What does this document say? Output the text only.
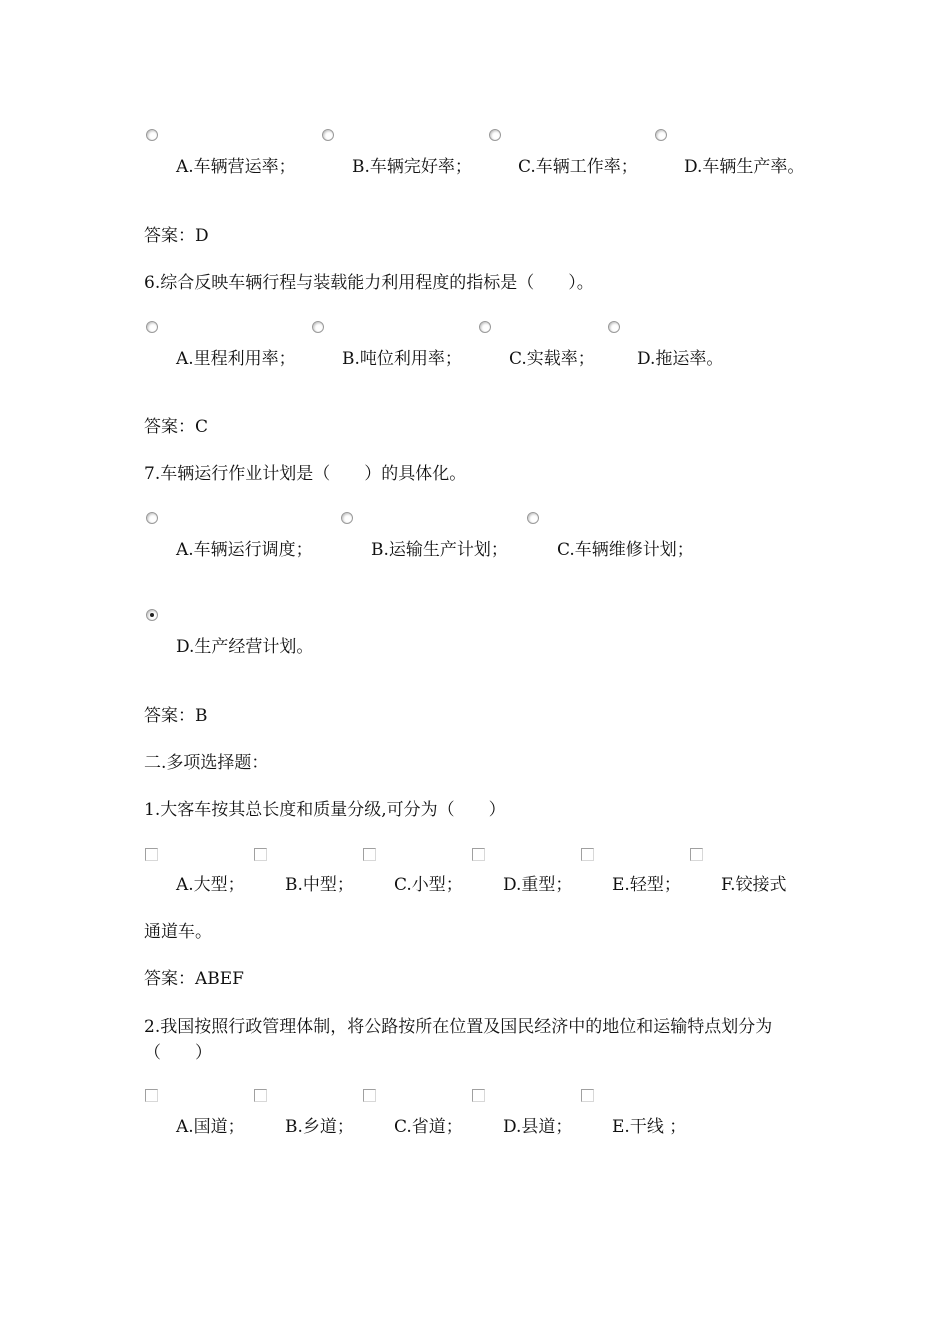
A.车辆营运率；	B.车辆完好率；	C.车辆工作率；	D.车辆生产率。
答案：D
6.综合反映车辆行程与装载能力利用程度的指标是（　　）。
A.里程利用率；	B.吨位利用率；	C.实载率； D.拖运率。
答案：C
7.车辆运行作业计划是（　　）的具体化。
A.车辆运行调度；	B.运输生产计划；	C.车辆维修计划；
D.生产经营计划。
答案：B
二.多项选择题：
1.大客车按其总长度和质量分级,可分为（　　）
A.大型； B.中型； C.小型； D.重型； E.轻型； F.铰接式
通道车。
答案：ABEF
2.我国按照行政管理体制，将公路按所在位置及国民经济中的地位和运输特点划分为（　　）
A.国道； B.乡道； C.省道； D.县道； E.干线 ；
